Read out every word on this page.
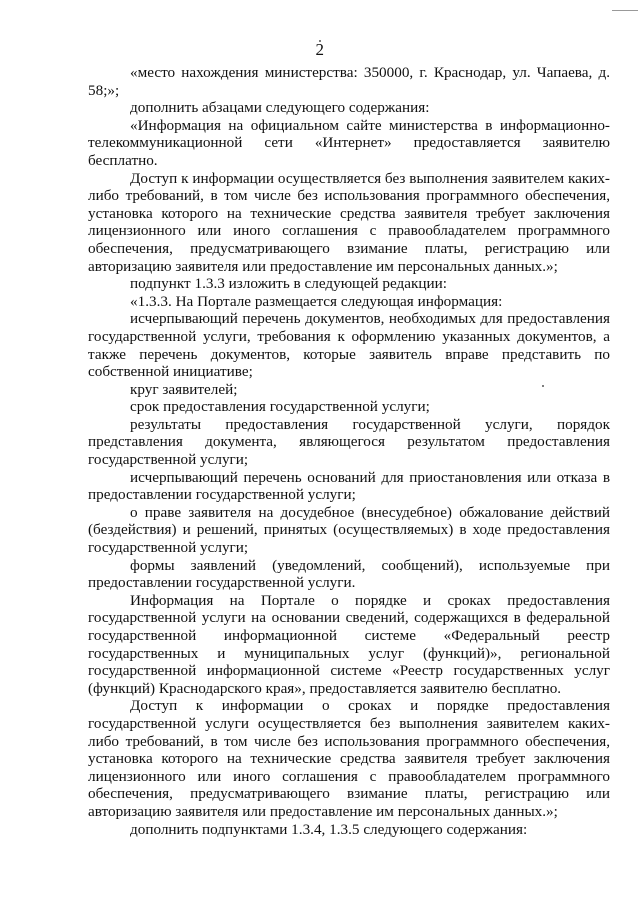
2

«место нахождения министерства: 350000, г. Краснодар, ул. Чапаева, д. 58;»;

дополнить абзацами следующего содержания:

«Информация на официальном сайте министерства в информационно-телекоммуникационной сети «Интернет» предоставляется заявителю бесплатно.

Доступ к информации осуществляется без выполнения заявителем каких-либо требований, в том числе без использования программного обеспечения, установка которого на технические средства заявителя требует заключения лицензионного или иного соглашения с правообладателем программного обеспечения, предусматривающего взимание платы, регистрацию или авторизацию заявителя или предоставление им персональных данных.»;

подпункт 1.3.3 изложить в следующей редакции:

«1.3.3. На Портале размещается следующая информация:

исчерпывающий перечень документов, необходимых для предоставления государственной услуги, требования к оформлению указанных документов, а также перечень документов, которые заявитель вправе представить по собственной инициативе;

круг заявителей;

срок предоставления государственной услуги;

результаты предоставления государственной услуги, порядок представления документа, являющегося результатом предоставления государственной услуги;

исчерпывающий перечень оснований для приостановления или отказа в предоставлении государственной услуги;

о праве заявителя на досудебное (внесудебное) обжалование действий (бездействия) и решений, принятых (осуществляемых) в ходе предоставления государственной услуги;

формы заявлений (уведомлений, сообщений), используемые при предоставлении государственной услуги.

Информация на Портале о порядке и сроках предоставления государственной услуги на основании сведений, содержащихся в федеральной государственной информационной системе «Федеральный реестр государственных и муниципальных услуг (функций)», региональной государственной информационной системе «Реестр государственных услуг (функций) Краснодарского края», предоставляется заявителю бесплатно.

Доступ к информации о сроках и порядке предоставления государственной услуги осуществляется без выполнения заявителем каких-либо требований, в том числе без использования программного обеспечения, установка которого на технические средства заявителя требует заключения лицензионного или иного соглашения с правообладателем программного обеспечения, предусматривающего взимание платы, регистрацию или авторизацию заявителя или предоставление им персональных данных.»;

дополнить подпунктами 1.3.4, 1.3.5 следующего содержания:
